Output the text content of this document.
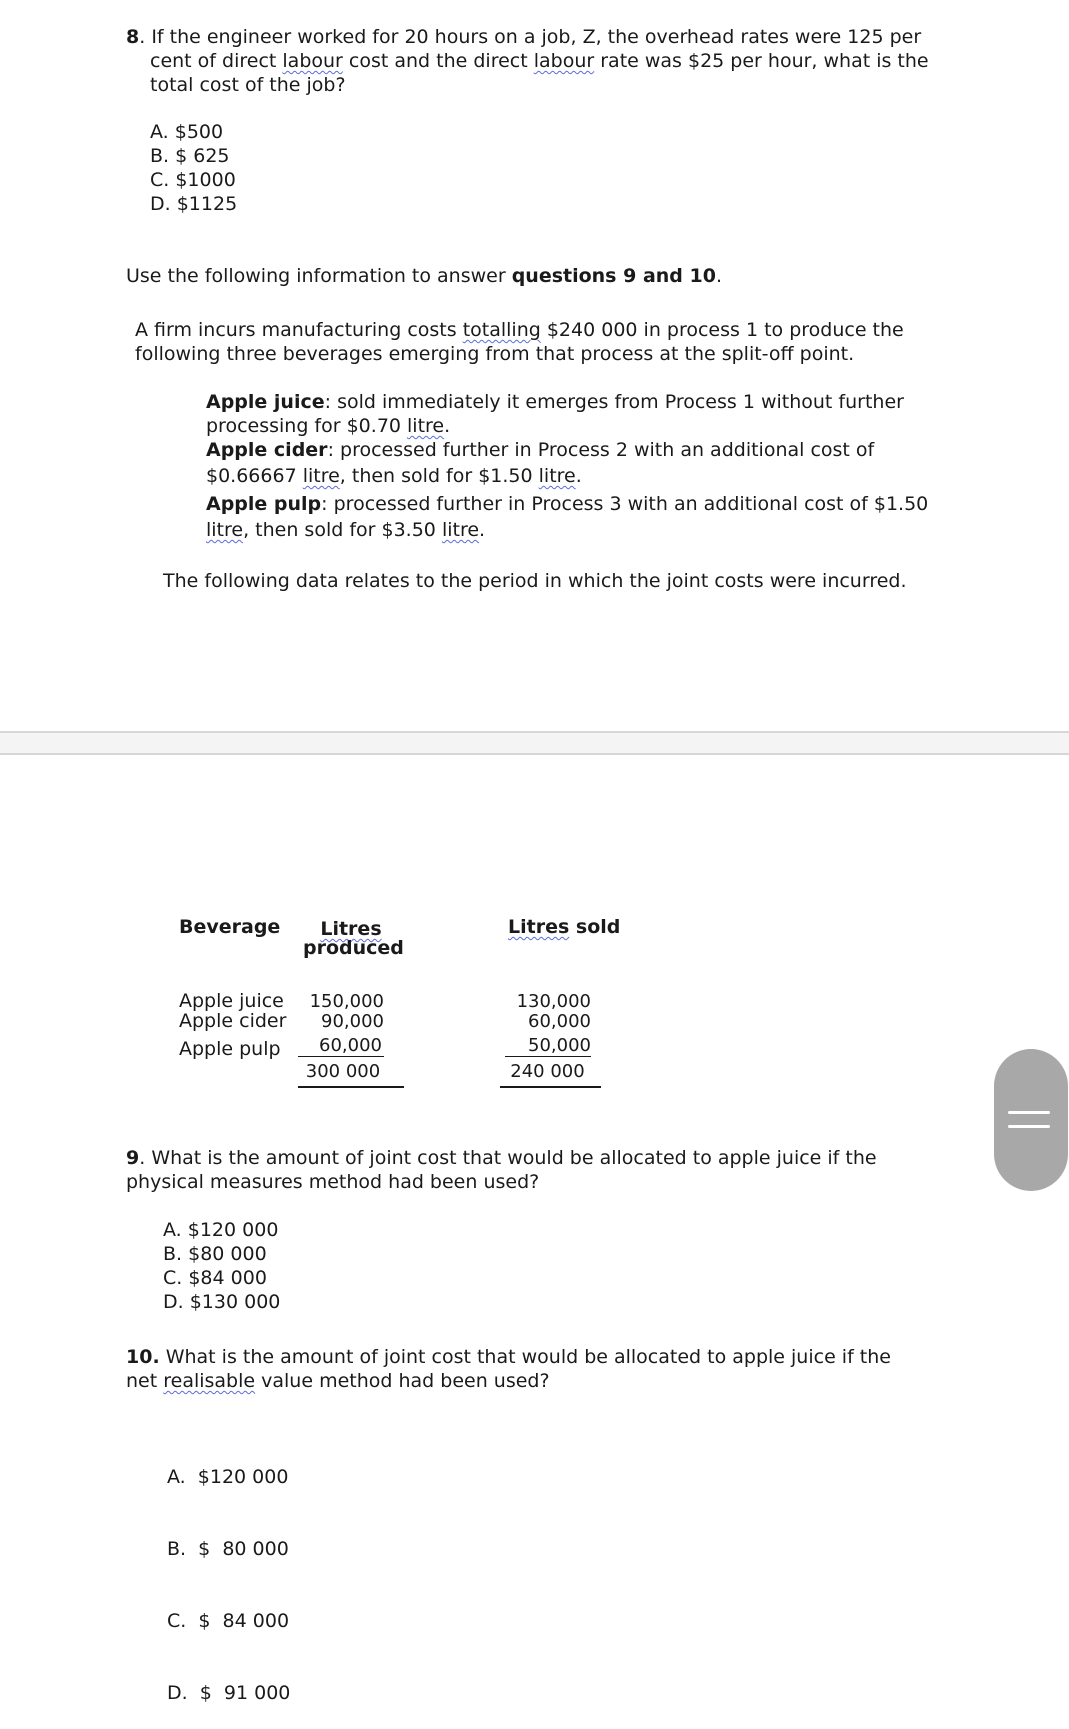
8. If the engineer worked for 20 hours on a job, Z, the overhead rates were 125 per
cent of direct labour cost and the direct labour rate was $25 per hour, what is the
total cost of the job?
A. $500
B. $ 625
C. $1000
D. $1125
Use the following information to answer questions 9 and 10.
A firm incurs manufacturing costs totalling $240 000 in process 1 to produce the
following three beverages emerging from that process at the split-off point.
Apple juice: sold immediately it emerges from Process 1 without further
processing for $0.70 litre.
Apple cider: processed further in Process 2 with an additional cost of
$0.66667 litre, then sold for $1.50 litre.
Apple pulp: processed further in Process 3 with an additional cost of $1.50
litre, then sold for $3.50 litre.
The following data relates to the period in which the joint costs were incurred.
Beverage	Litres
produced
Litres sold
Apple juice
Apple cider
Apple pulp
150,000
90,000
60,000
300 000
130,000
60,000
50,000
240 000
9. What is the amount of joint cost that would be allocated to apple juice if the
physical measures method had been used?
A. $120 000
B. $80 000
C. $84 000
D. $130 000
10. What is the amount of joint cost that would be allocated to apple juice if the
net realisable value method had been used?

A.  $120 000

B.  $  80 000

C.  $  84 000

D.  $  91 000
